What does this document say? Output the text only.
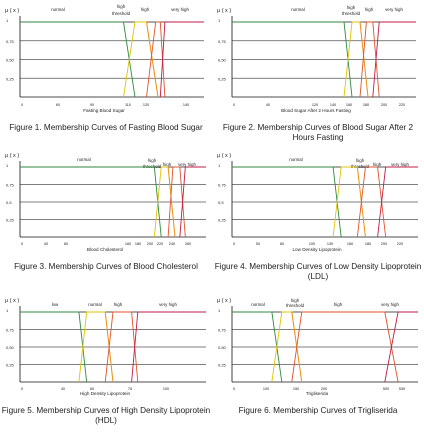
μ ( x )
1
0,75
0,50
0,25
0	60	90	110	120	140
Fasting Blood Sugar
normal
high
threshold
high	very high
Figure 1. Membership Curves of Fasting Blood Sugar
μ ( x )
1
0,75
0,50
0,25
0	40	120	140	160	180	200	220
Blood Sugar After 2 Hours Fasting
normal	high
threshold
high	very high
Figure 2. Membership Curves of Blood Sugar After 2 Hours Fasting
μ ( x )
1
0,75
0,5
0,25
0	40	80	160 180 200 220 240	260
Blood Cholesterol
normal	high
threshold high very high
Figure 3. Membership Curves of Blood Cholesterol
μ ( x )
1
0,75
0,5
0,25
0	50	80	100	130	160	180	200	220
Low Density Lipoprotein
normal	high
threshold high very high
Figure 4. Membership Curves of Low Density Lipoprotein (LDL)
μ ( x )
1
0,75
0,50
0,25
0	40	60	75	100
High Density Lipoprotein
low	normal	high	very high
Figure 5. Membership Curves of High Density Lipoprotein (HDL)
μ ( x )
1
0,75
0,50
0,25
0	100	150	200	500	530
Trigliserida
normal
high
threshold	high	very high
Figure 6. Membership Curves of Trigliserida
